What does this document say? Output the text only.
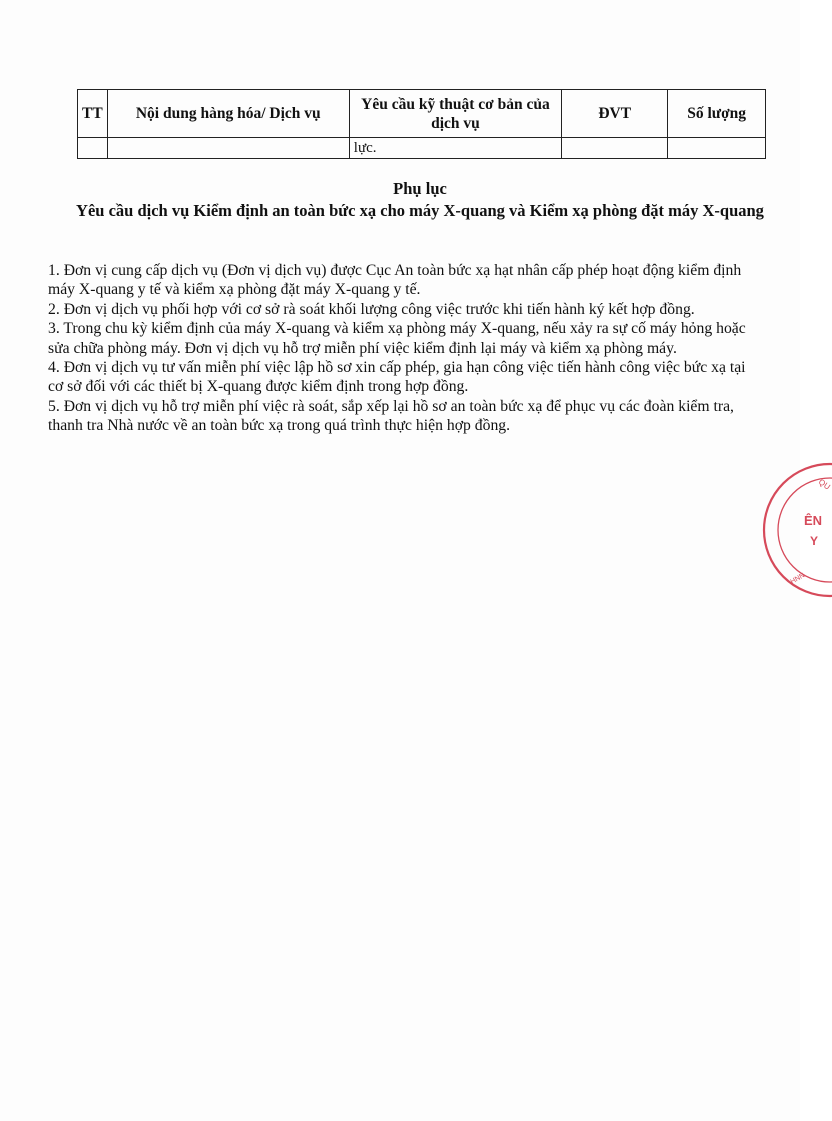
TT	Nội dung hàng hóa/ Dịch vụ	Yêu cầu kỹ thuật cơ bản của dịch vụ	ĐVT	Số lượng
		lực.		
Phụ lục
Yêu cầu dịch vụ Kiểm định an toàn bức xạ cho máy X-quang và Kiểm xạ phòng đặt máy X-quang

1. Đơn vị cung cấp dịch vụ (Đơn vị dịch vụ) được Cục An toàn bức xạ hạt nhân cấp phép hoạt động kiểm định máy X-quang y tế và kiểm xạ phòng đặt máy X-quang y tế.

2. Đơn vị dịch vụ phối hợp với cơ sở rà soát khối lượng công việc trước khi tiến hành ký kết hợp đồng.

3. Trong chu kỳ kiểm định của máy X-quang và kiểm xạ phòng máy X-quang, nếu xảy ra sự cố máy hỏng hoặc sửa chữa phòng máy. Đơn vị dịch vụ hỗ trợ miễn phí việc kiểm định lại máy và kiểm xạ phòng máy.

4. Đơn vị dịch vụ tư vấn miễn phí việc lập hồ sơ xin cấp phép, gia hạn công việc tiến hành công việc bức xạ tại cơ sở đối với các thiết bị X-quang được kiểm định trong hợp đồng.

5. Đơn vị dịch vụ hỗ trợ miễn phí việc rà soát, sắp xếp lại hồ sơ an toàn bức xạ để phục vụ các đoàn kiểm tra, thanh tra Nhà nước về an toàn bức xạ trong quá trình thực hiện hợp đồng.

QU
ÊN
Y
HNN
